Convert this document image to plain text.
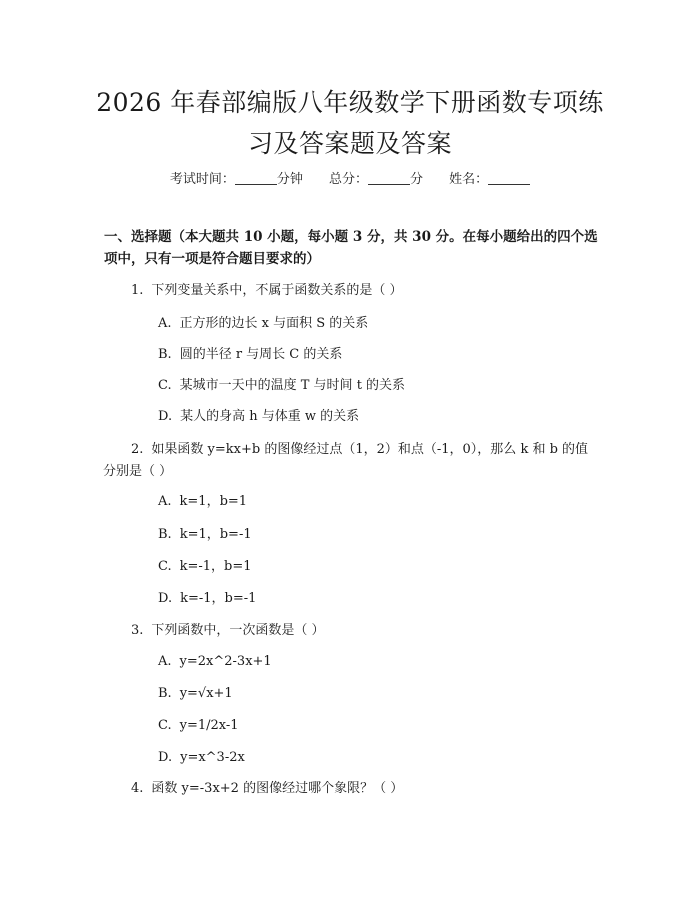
2026 年春部编版八年级数学下册函数专项练
习及答案题及答案
考试时间：	分钟 总分：	分 姓名：
一、选择题（本大题共 10 小题，每小题 3 分，共 30 分。在每小题给出的四个选
项中，只有一项是符合题目要求的）
1. 下列变量关系中，不属于函数关系的是（ ）
A. 正方形的边长 x 与面积 S 的关系
B. 圆的半径 r 与周长 C 的关系
C. 某城市一天中的温度 T 与时间 t 的关系
D. 某人的身高 h 与体重 w 的关系
2. 如果函数 y=kx+b 的图像经过点（1，2）和点（-1，0），那么 k 和 b 的值
分别是（ ）
A. k=1，b=1
B. k=1，b=-1
C. k=-1，b=1
D. k=-1，b=-1
3. 下列函数中，一次函数是（ ）
A. y=2x^2-3x+1
B. y=√x+1
C. y=1/2x-1
D. y=x^3-2x
4. 函数 y=-3x+2 的图像经过哪个象限？（ ）
